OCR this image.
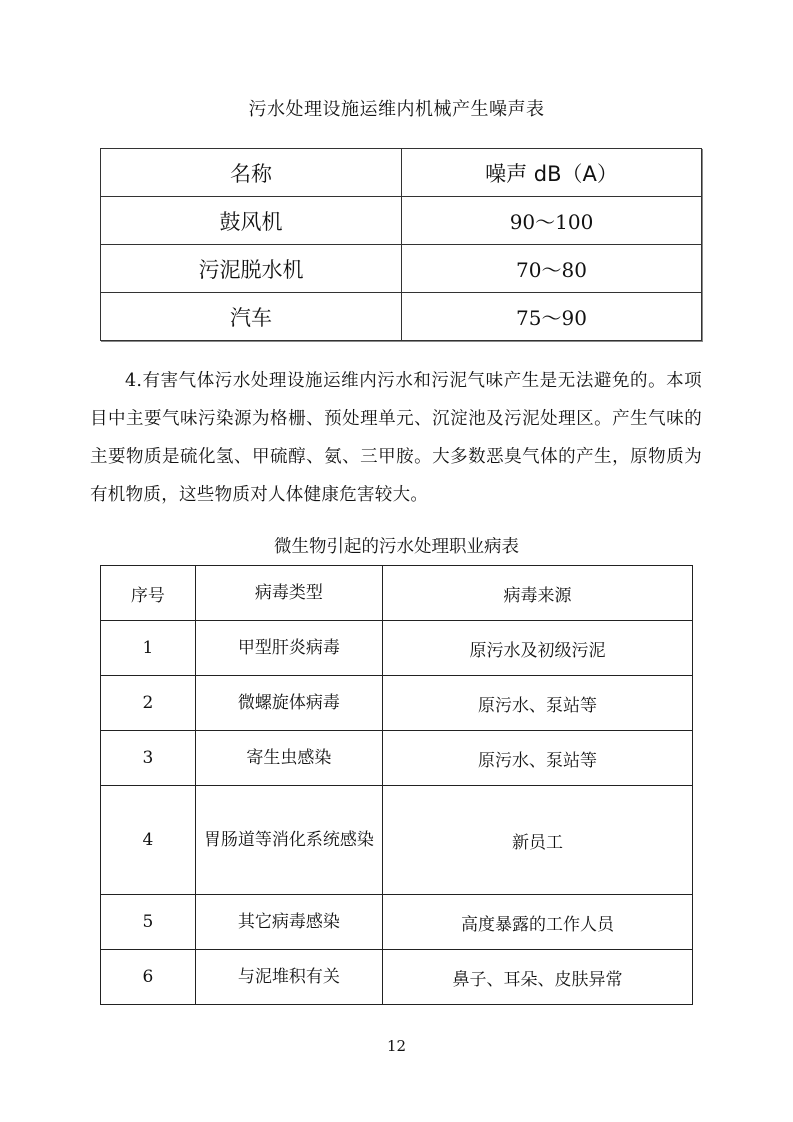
污水处理设施运维内机械产生噪声表
名称	噪声 dB（A）
鼓风机	90～100
污泥脱水机	70～80
汽车	75～90
4.有害气体污水处理设施运维内污水和污泥气味产生是无法避免的。本项目中主要气味污染源为格栅、预处理单元、沉淀池及污泥处理区。产生气味的主要物质是硫化氢、甲硫醇、氨、三甲胺。大多数恶臭气体的产生，原物质为有机物质，这些物质对人体健康危害较大。
微生物引起的污水处理职业病表
序号	病毒类型	病毒来源
1	甲型肝炎病毒	原污水及初级污泥
2	微螺旋体病毒	原污水、泵站等
3	寄生虫感染	原污水、泵站等
4	胃肠道等消化系统感染	新员工
5	其它病毒感染	高度暴露的工作人员
6	与泥堆积有关	鼻子、耳朵、皮肤异常
12
